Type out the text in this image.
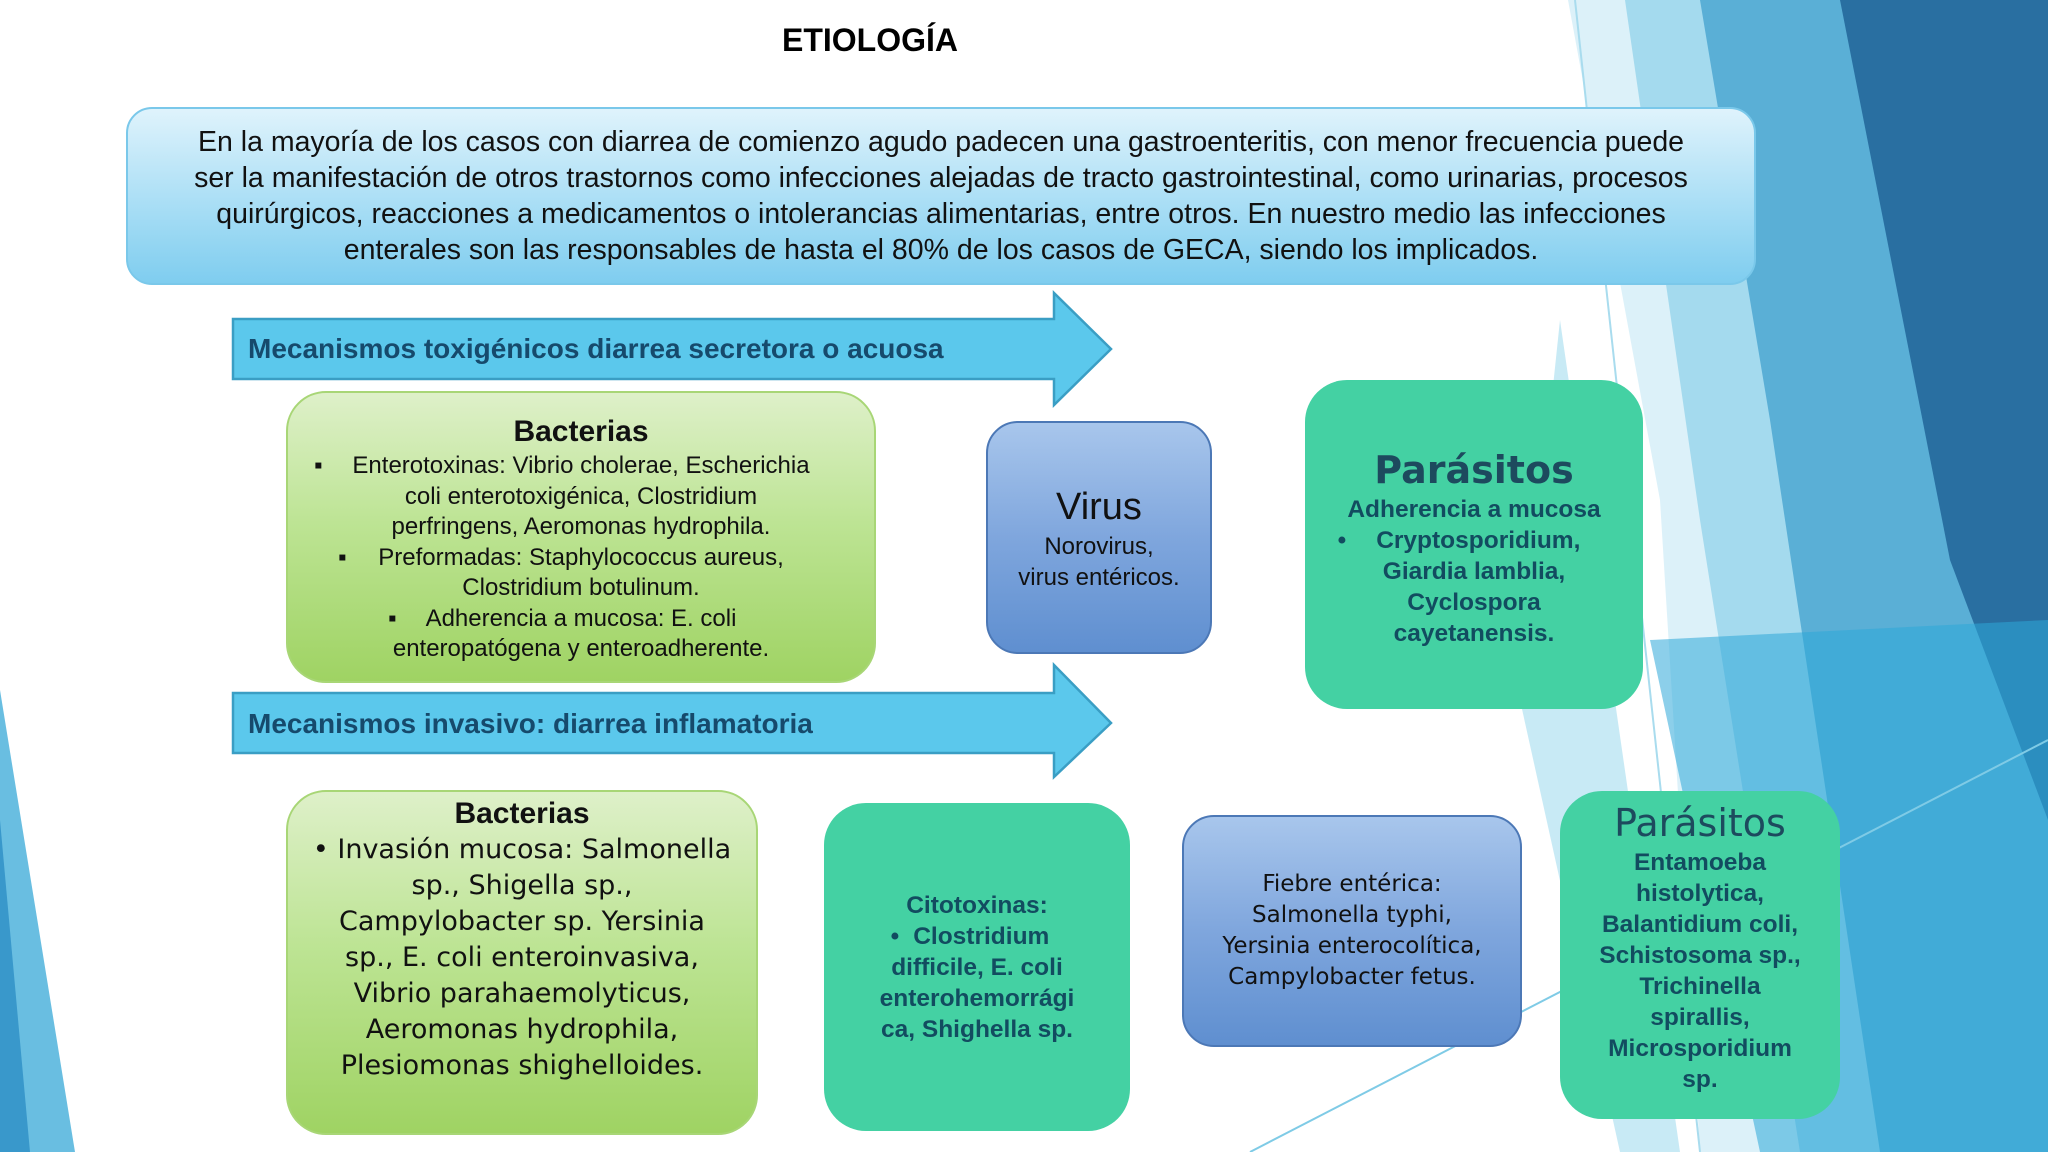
ETIOLOGÍA
En la mayoría de los casos con diarrea de comienzo agudo padecen una gastroenteritis, con menor frecuencia puede
ser la manifestación de otros trastornos como infecciones alejadas de tracto gastrointestinal, como urinarias, procesos
quirúrgicos, reacciones a medicamentos o intolerancias alimentarias, entre otros. En nuestro medio las infecciones
enterales son las responsables de hasta el 80% de los casos de GECA, siendo los implicados.
Mecanismos toxigénicos diarrea secretora o acuosa
Mecanismos invasivo: diarrea inflamatoria
Bacterias
▪ Enterotoxinas: Vibrio cholerae, Escherichia
coli enterotoxigénica, Clostridium
perfringens, Aeromonas hydrophila.
▪ Preformadas: Staphylococcus aureus,
Clostridium botulinum.
▪ Adherencia a mucosa: E. coli
enteropatógena y enteroadherente.
Virus
Norovirus,
virus entéricos.
Parásitos
Adherencia a mucosa
• Cryptosporidium,
Giardia lamblia,
Cyclospora
cayetanensis.
Bacterias
• Invasión mucosa: Salmonella
sp., Shigella sp.,
Campylobacter sp. Yersinia
sp., E. coli enteroinvasiva,
Vibrio parahaemolyticus,
Aeromonas hydrophila,
Plesiomonas shighelloides.
Citotoxinas:
• Clostridium
difficile, E. coli
enterohemorrági
ca, Shighella sp.
Fiebre entérica:
Salmonella typhi,
Yersinia enterocolítica,
Campylobacter fetus.
Parásitos
Entamoeba
histolytica,
Balantidium coli,
Schistosoma sp.,
Trichinella
spirallis,
Microsporidium
sp.
